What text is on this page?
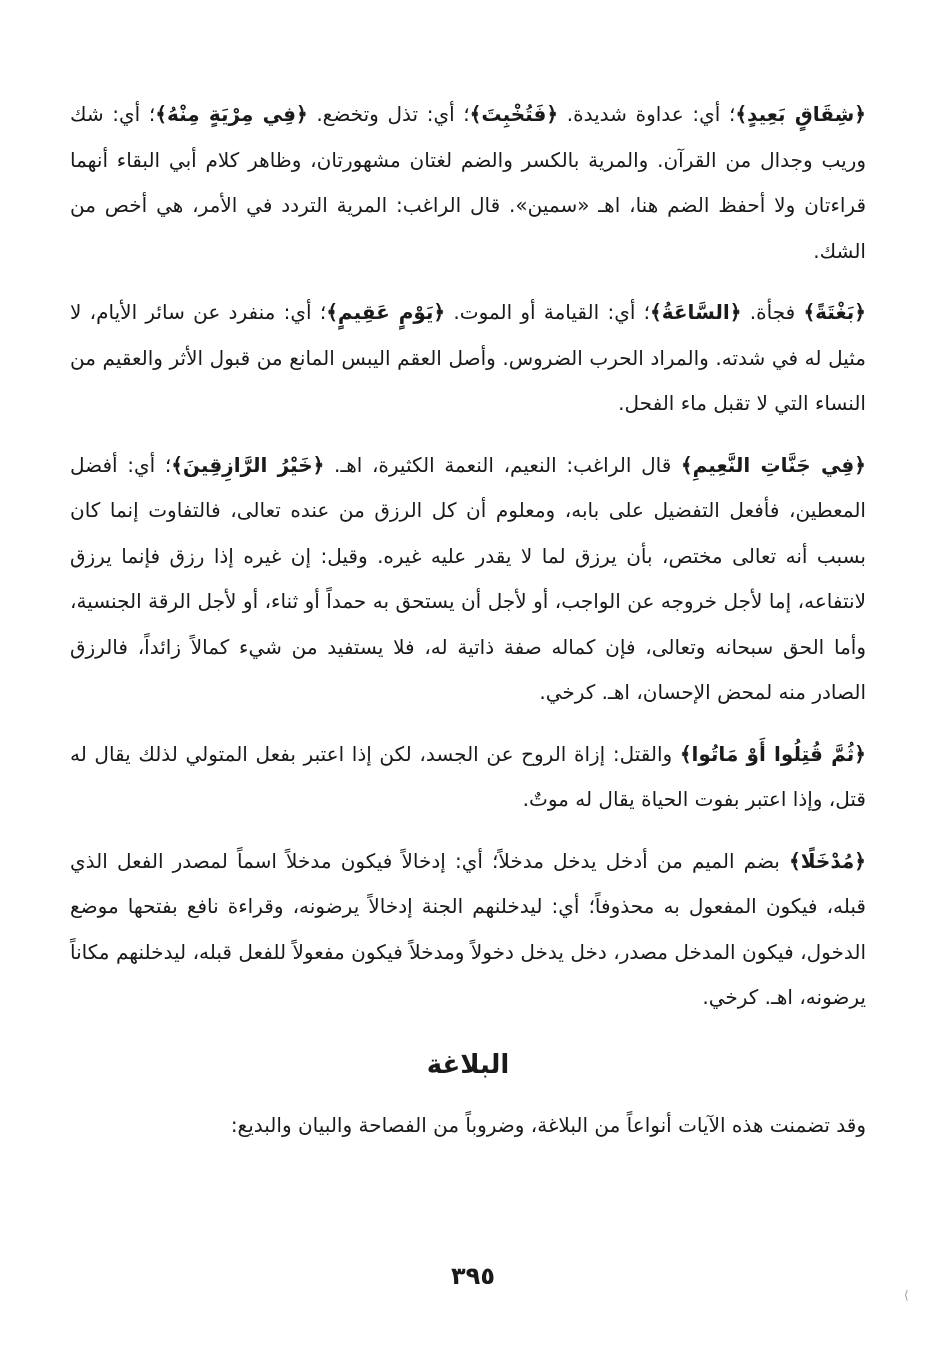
﴿شِقَاقٍ بَعِيدٍ﴾؛ أي: عداوة شديدة. ﴿فَتُخْبِتَ﴾؛ أي: تذل وتخضع. ﴿فِي مِرْيَةٍ مِنْهُ﴾؛ أي: شك وريب وجدال من القرآن. والمرية بالكسر والضم لغتان مشهورتان، وظاهر كلام أبي البقاء أنهما قراءتان ولا أحفظ الضم هنا، اهـ «سمين». قال الراغب: المرية التردد في الأمر، هي أخص من الشك.

﴿بَغْتَةً﴾ فجأة. ﴿السَّاعَةُ﴾؛ أي: القيامة أو الموت. ﴿يَوْمٍ عَقِيمٍ﴾؛ أي: منفرد عن سائر الأيام، لا مثيل له في شدته. والمراد الحرب الضروس. وأصل العقم اليبس المانع من قبول الأثر والعقيم من النساء التي لا تقبل ماء الفحل.

﴿فِي جَنَّاتِ النَّعِيمِ﴾ قال الراغب: النعيم، النعمة الكثيرة، اهـ. ﴿خَيْرُ الرَّازِقِينَ﴾؛ أي: أفضل المعطين، فأفعل التفضيل على بابه، ومعلوم أن كل الرزق من عنده تعالى، فالتفاوت إنما كان بسبب أنه تعالى مختص، بأن يرزق لما لا يقدر عليه غيره. وقيل: إن غيره إذا رزق فإنما يرزق لانتفاعه، إما لأجل خروجه عن الواجب، أو لأجل أن يستحق به حمداً أو ثناء، أو لأجل الرقة الجنسية، وأما الحق سبحانه وتعالى، فإن كماله صفة ذاتية له، فلا يستفيد من شيء كمالاً زائداً، فالرزق الصادر منه لمحض الإحسان، اهـ. كرخي.

﴿ثُمَّ قُتِلُوا أَوْ مَاتُوا﴾ والقتل: إزاة الروح عن الجسد، لكن إذا اعتبر بفعل المتولي لذلك يقال له قتل، وإذا اعتبر بفوت الحياة يقال له موتٌ.

﴿مُدْخَلًا﴾ بضم الميم من أدخل يدخل مدخلاً؛ أي: إدخالاً فيكون مدخلاً اسماً لمصدر الفعل الذي قبله، فيكون المفعول به محذوفاً؛ أي: ليدخلنهم الجنة إدخالاً يرضونه، وقراءة نافع بفتحها موضع الدخول، فيكون المدخل مصدر، دخل يدخل دخولاً ومدخلاً فيكون مفعولاً للفعل قبله، ليدخلنهم مكاناً يرضونه، اهـ. كرخي.

البلاغة

وقد تضمنت هذه الآيات أنواعاً من البلاغة، وضروباً من الفصاحة والبيان والبديع:

٣٩٥
⟨
